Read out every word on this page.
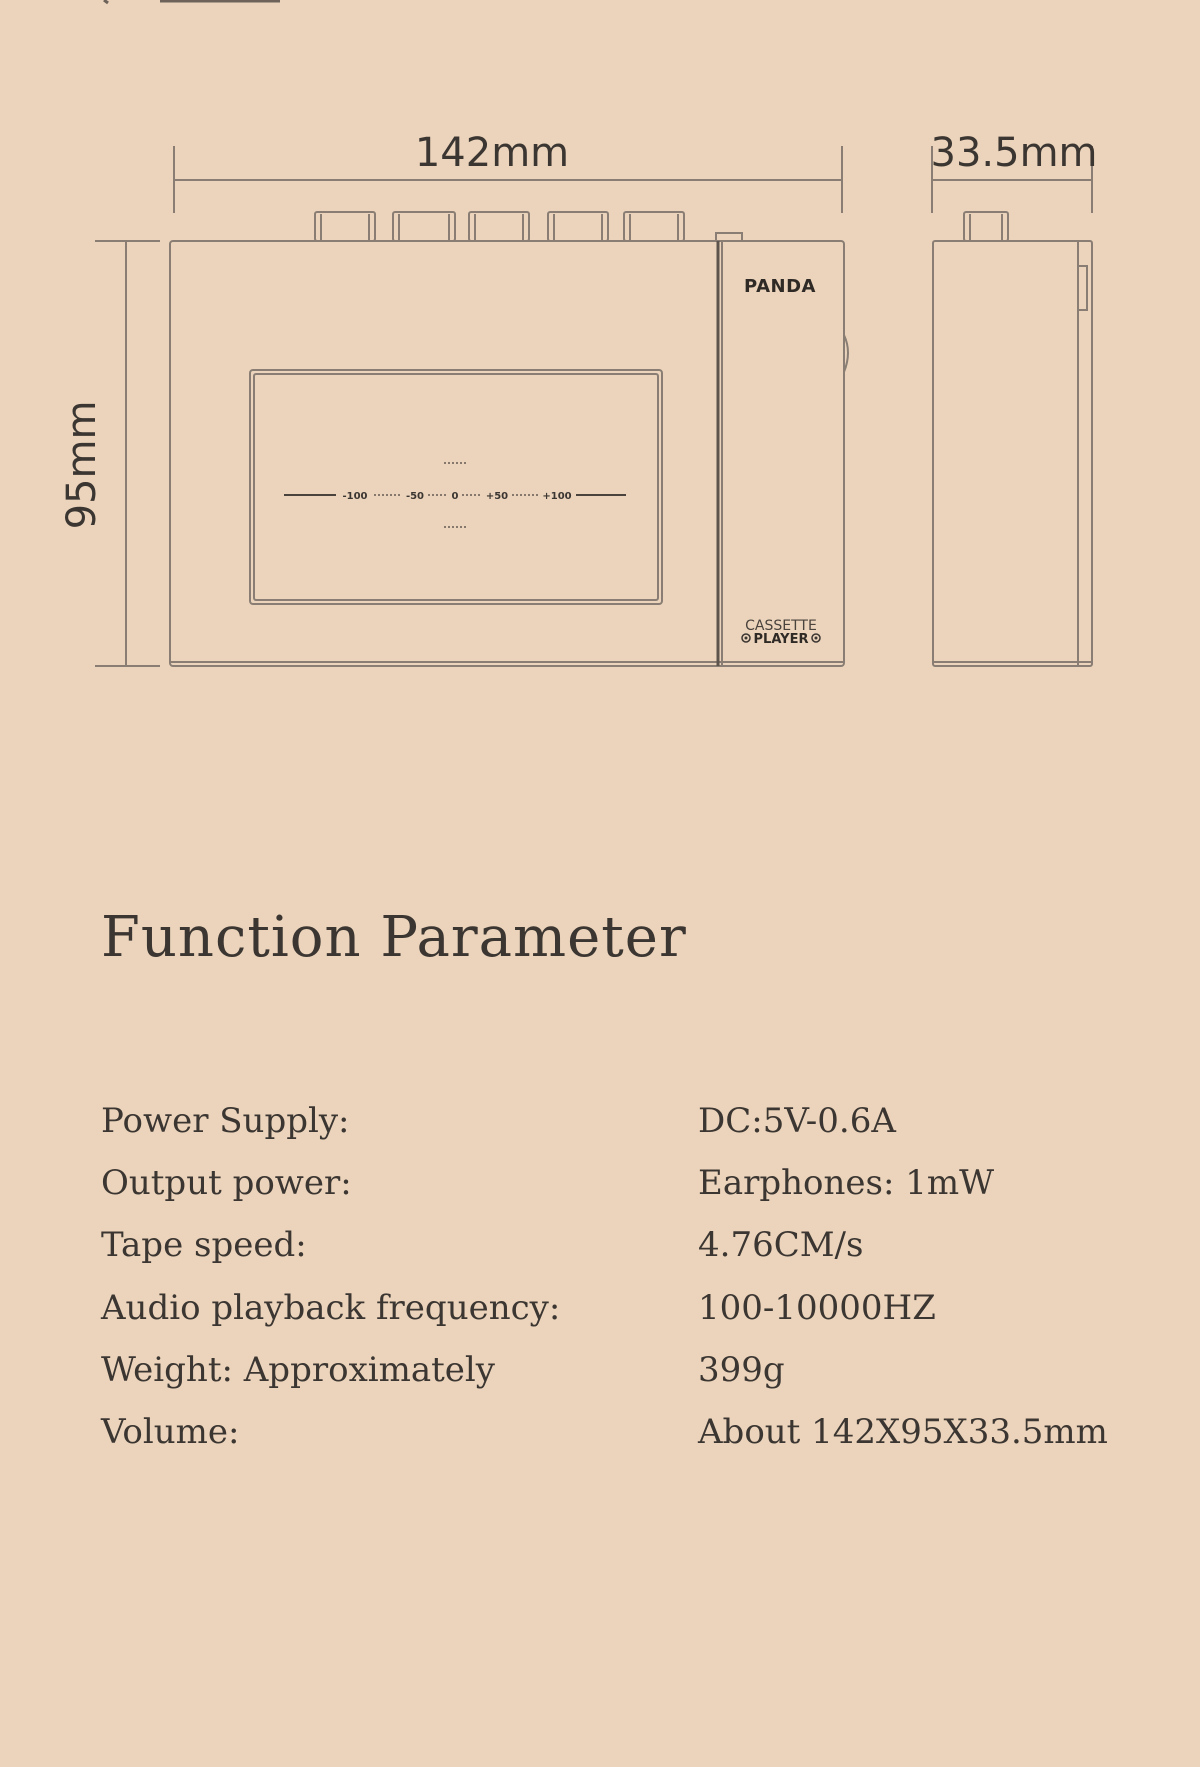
142mm	33.5mm
95mm	-100	-50	0	+50	+100
PANDA
CASSETTE
PLAYER
Function Parameter
Power Supply:	DC:5V-0.6A
Output power:	Earphones: 1mW
Tape speed:	4.76CM/s
Audio playback frequency:	100-10000HZ
Weight: Approximately	399g
Volume:	About 142X95X33.5mm
